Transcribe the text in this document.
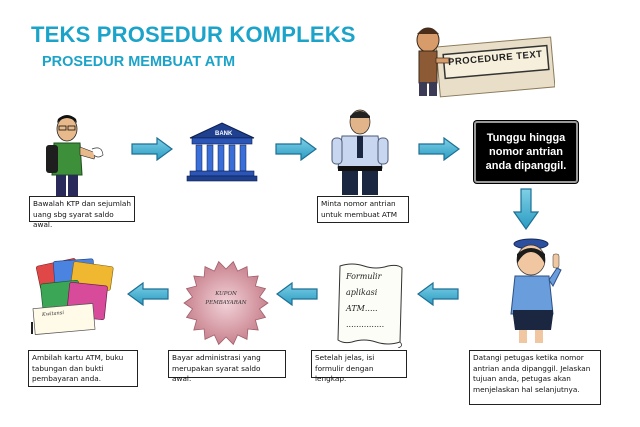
TEKS PROSEDUR KOMPLEKS
PROSEDUR MEMBUAT ATM	PROCEDURE TEXT
Bawalah KTP dan sejumlah uang sbg syarat saldo awal.
BANK
Minta nomor antrian untuk membuat ATM
Tunggu hingga nomor antrian anda dipanggil.
Datangi petugas ketika nomor antrian anda dipanggil. Jelaskan tujuan anda, petugas akan menjelaskan hal selanjutnya.
Formulir
aplikasi
ATM.....
...............
Setelah jelas, isi formulir dengan lengkap.
KUPON
PEMBAYARAN
Bayar administrasi yang merupakan syarat saldo awal.
Kwitansi
Ambilah kartu ATM, buku tabungan dan bukti pembayaran anda.
